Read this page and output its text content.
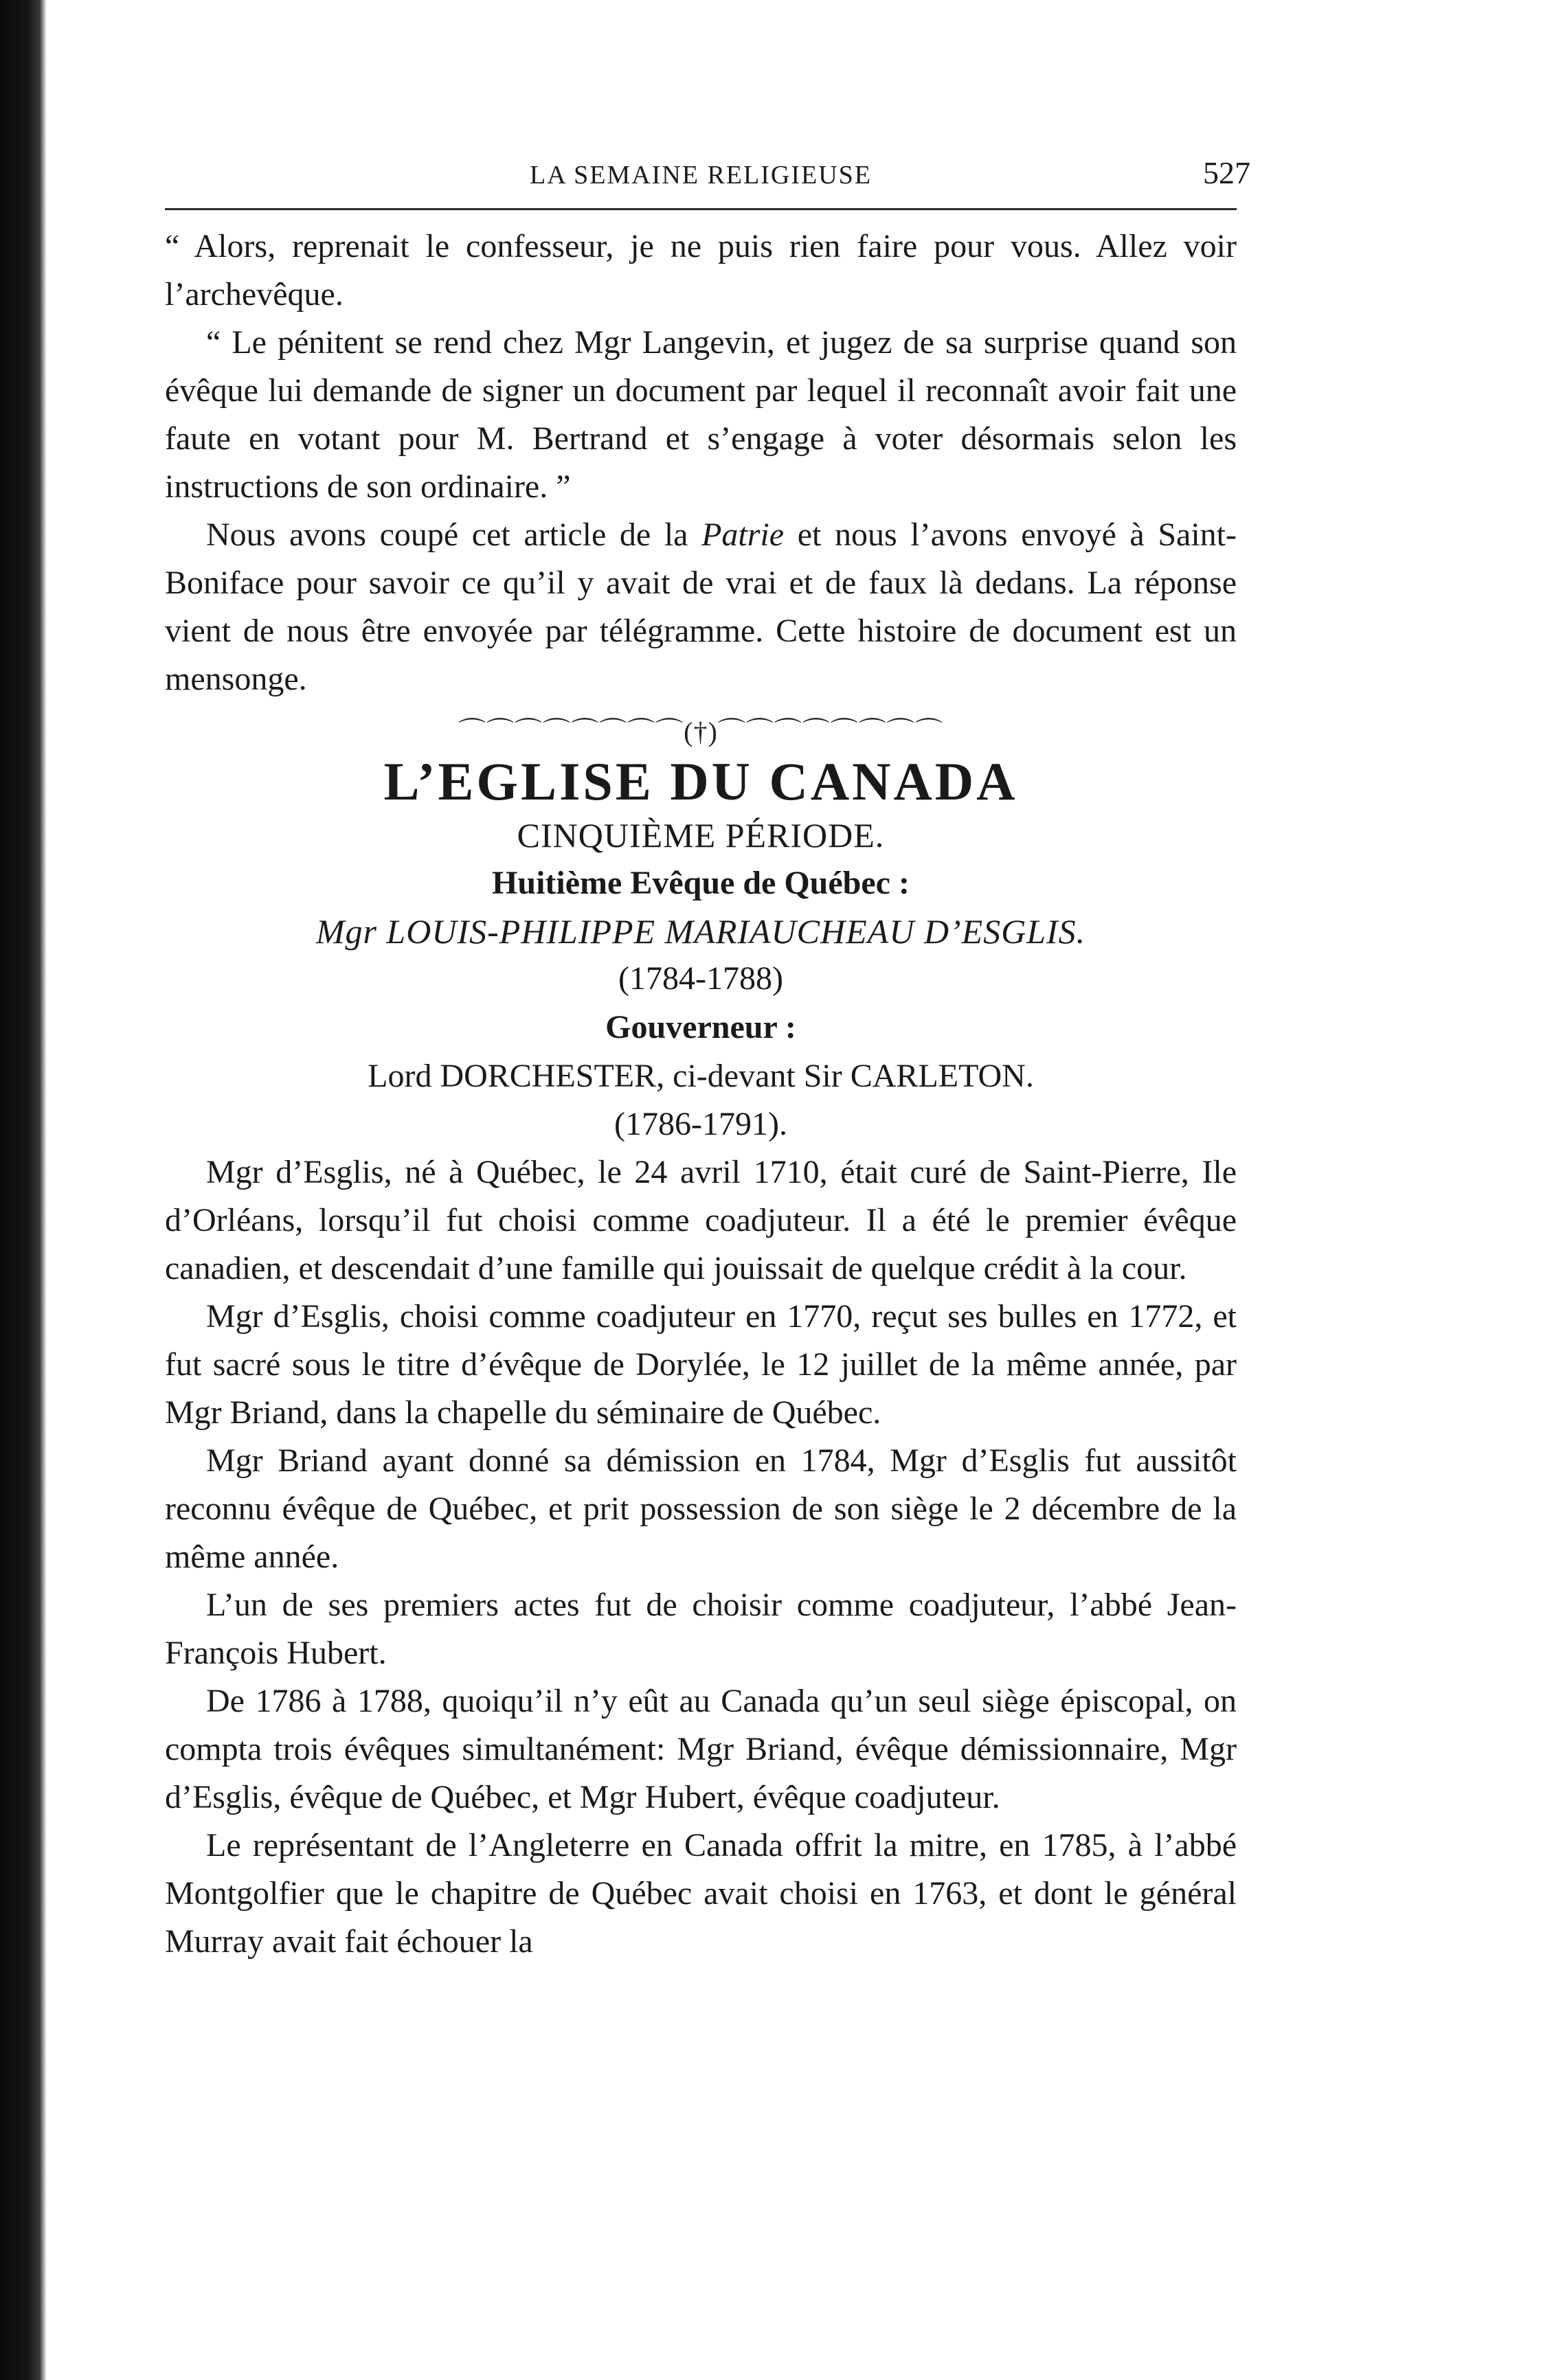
LA SEMAINE RELIGIEUSE	527

“ Alors, reprenait le confesseur, je ne puis rien faire pour vous. Allez voir l’archevêque.

“ Le pénitent se rend chez Mgr Langevin, et jugez de sa surprise quand son évêque lui demande de signer un document par lequel il reconnaît avoir fait une faute en votant pour M. Bertrand et s’engage à voter désormais selon les instructions de son ordinaire. ”

Nous avons coupé cet article de la Patrie et nous l’avons envoyé à Saint-Boniface pour savoir ce qu’il y avait de vrai et de faux là dedans. La réponse vient de nous être envoyée par télégramme. Cette histoire de document est un mensonge.

⌒⌒⌒⌒⌒⌒⌒⌒(†)⌒⌒⌒⌒⌒⌒⌒⌒
L’EGLISE DU CANADA
CINQUIÈME PÉRIODE.
Huitième Evêque de Québec :
Mgr LOUIS-PHILIPPE MARIAUCHEAU D’ESGLIS.
(1784-1788)
Gouverneur :
Lord DORCHESTER, ci-devant Sir CARLETON.
(1786-1791).

Mgr d’Esglis, né à Québec, le 24 avril 1710, était curé de Saint-Pierre, Ile d’Orléans, lorsqu’il fut choisi comme coadjuteur. Il a été le premier évêque canadien, et descendait d’une famille qui jouissait de quelque crédit à la cour.

Mgr d’Esglis, choisi comme coadjuteur en 1770, reçut ses bulles en 1772, et fut sacré sous le titre d’évêque de Dorylée, le 12 juillet de la même année, par Mgr Briand, dans la chapelle du séminaire de Québec.

Mgr Briand ayant donné sa démission en 1784, Mgr d’Esglis fut aussitôt reconnu évêque de Québec, et prit possession de son siège le 2 décembre de la même année.

L’un de ses premiers actes fut de choisir comme coadjuteur, l’abbé Jean-François Hubert.

De 1786 à 1788, quoiqu’il n’y eût au Canada qu’un seul siège épiscopal, on compta trois évêques simultanément: Mgr Briand, évêque démissionnaire, Mgr d’Esglis, évêque de Québec, et Mgr Hubert, évêque coadjuteur.

Le représentant de l’Angleterre en Canada offrit la mitre, en 1785, à l’abbé Montgolfier que le chapitre de Québec avait choisi en 1763, et dont le général Murray avait fait échouer la
